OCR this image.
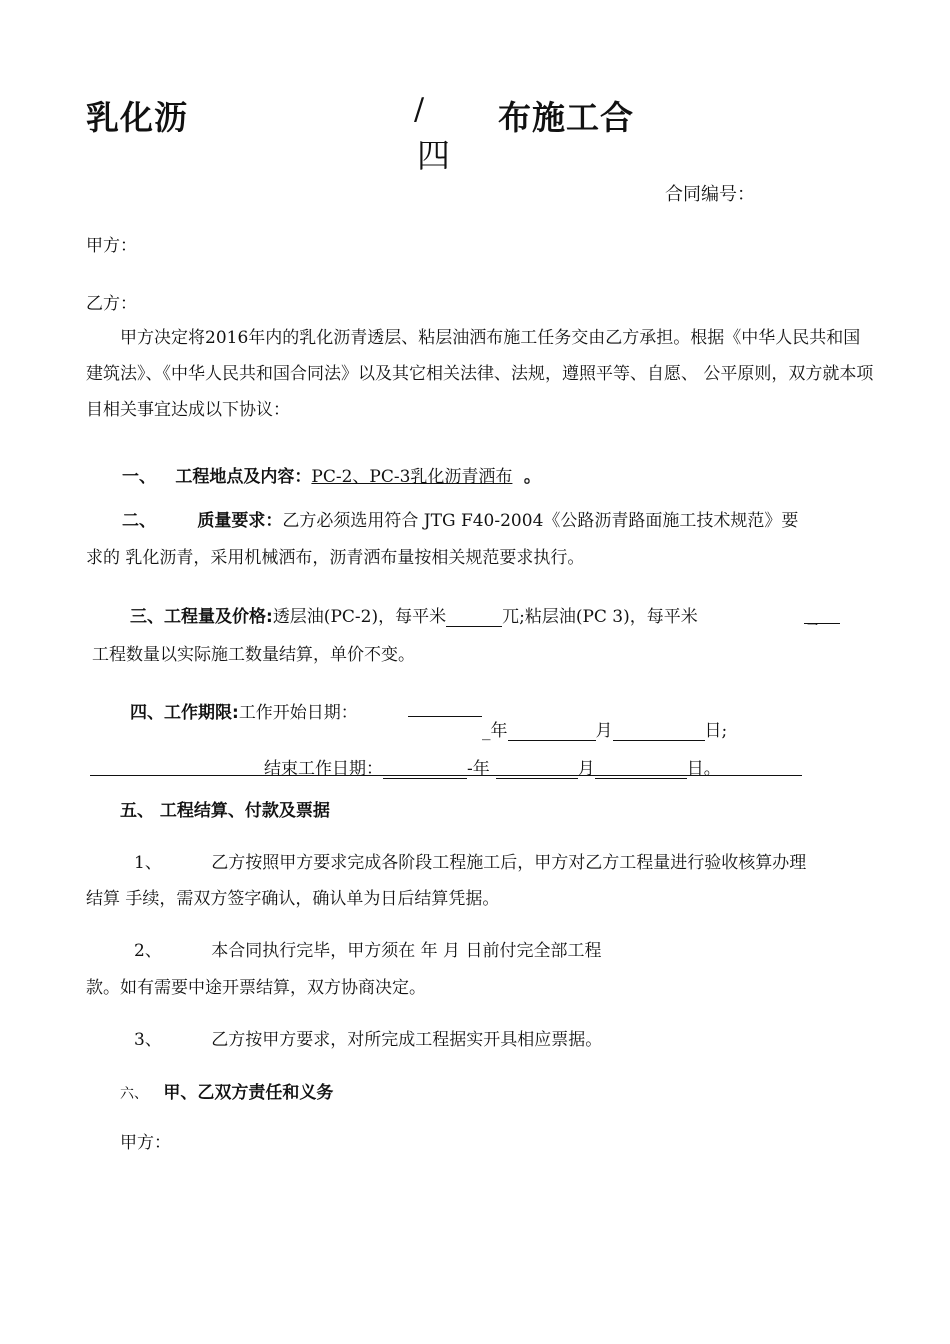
乳化沥	/ 布施工合
四
合同编号：
甲方：
乙方：
甲方决定将2016年内的乳化沥青透层、粘层油洒布施工任务交由乙方承担。根据《中华人民共和国建筑法》、《中华人民共和国合同法》以及其它相关法律、法规，遵照平等、自愿、 公平原则，双方就本项目相关事宜达成以下协议：
一、 工程地点及内容：PC-2、PC-3乳化沥青洒布 。
二、 质量要求：乙方必须选用符合 JTG F40-2004《公路沥青路面施工技术规范》要
求的 乳化沥青，采用机械洒布，沥青洒布量按相关规范要求执行。
三、工程量及价格:透层油(PC-2)，每平米	兀;粘层油(PC 3)，每平米	一
工程数量以实际施工数量结算，单价不变。
四、工作期限:工作开始日期：
_年	月	日;
结束工作日期：	-年	月	日。
五、 工程结算、付款及票据
1、	乙方按照甲方要求完成各阶段工程施工后，甲方对乙方工程量进行验收核算办理
结算 手续，需双方签字确认，确认单为日后结算凭据。
2、	本合同执行完毕，甲方须在 年 月 日前付完全部工程
款。如有需要中途开票结算，双方协商决定。
3、	乙方按甲方要求，对所完成工程据实开具相应票据。
六、 甲、乙双方责任和义务
甲方：
